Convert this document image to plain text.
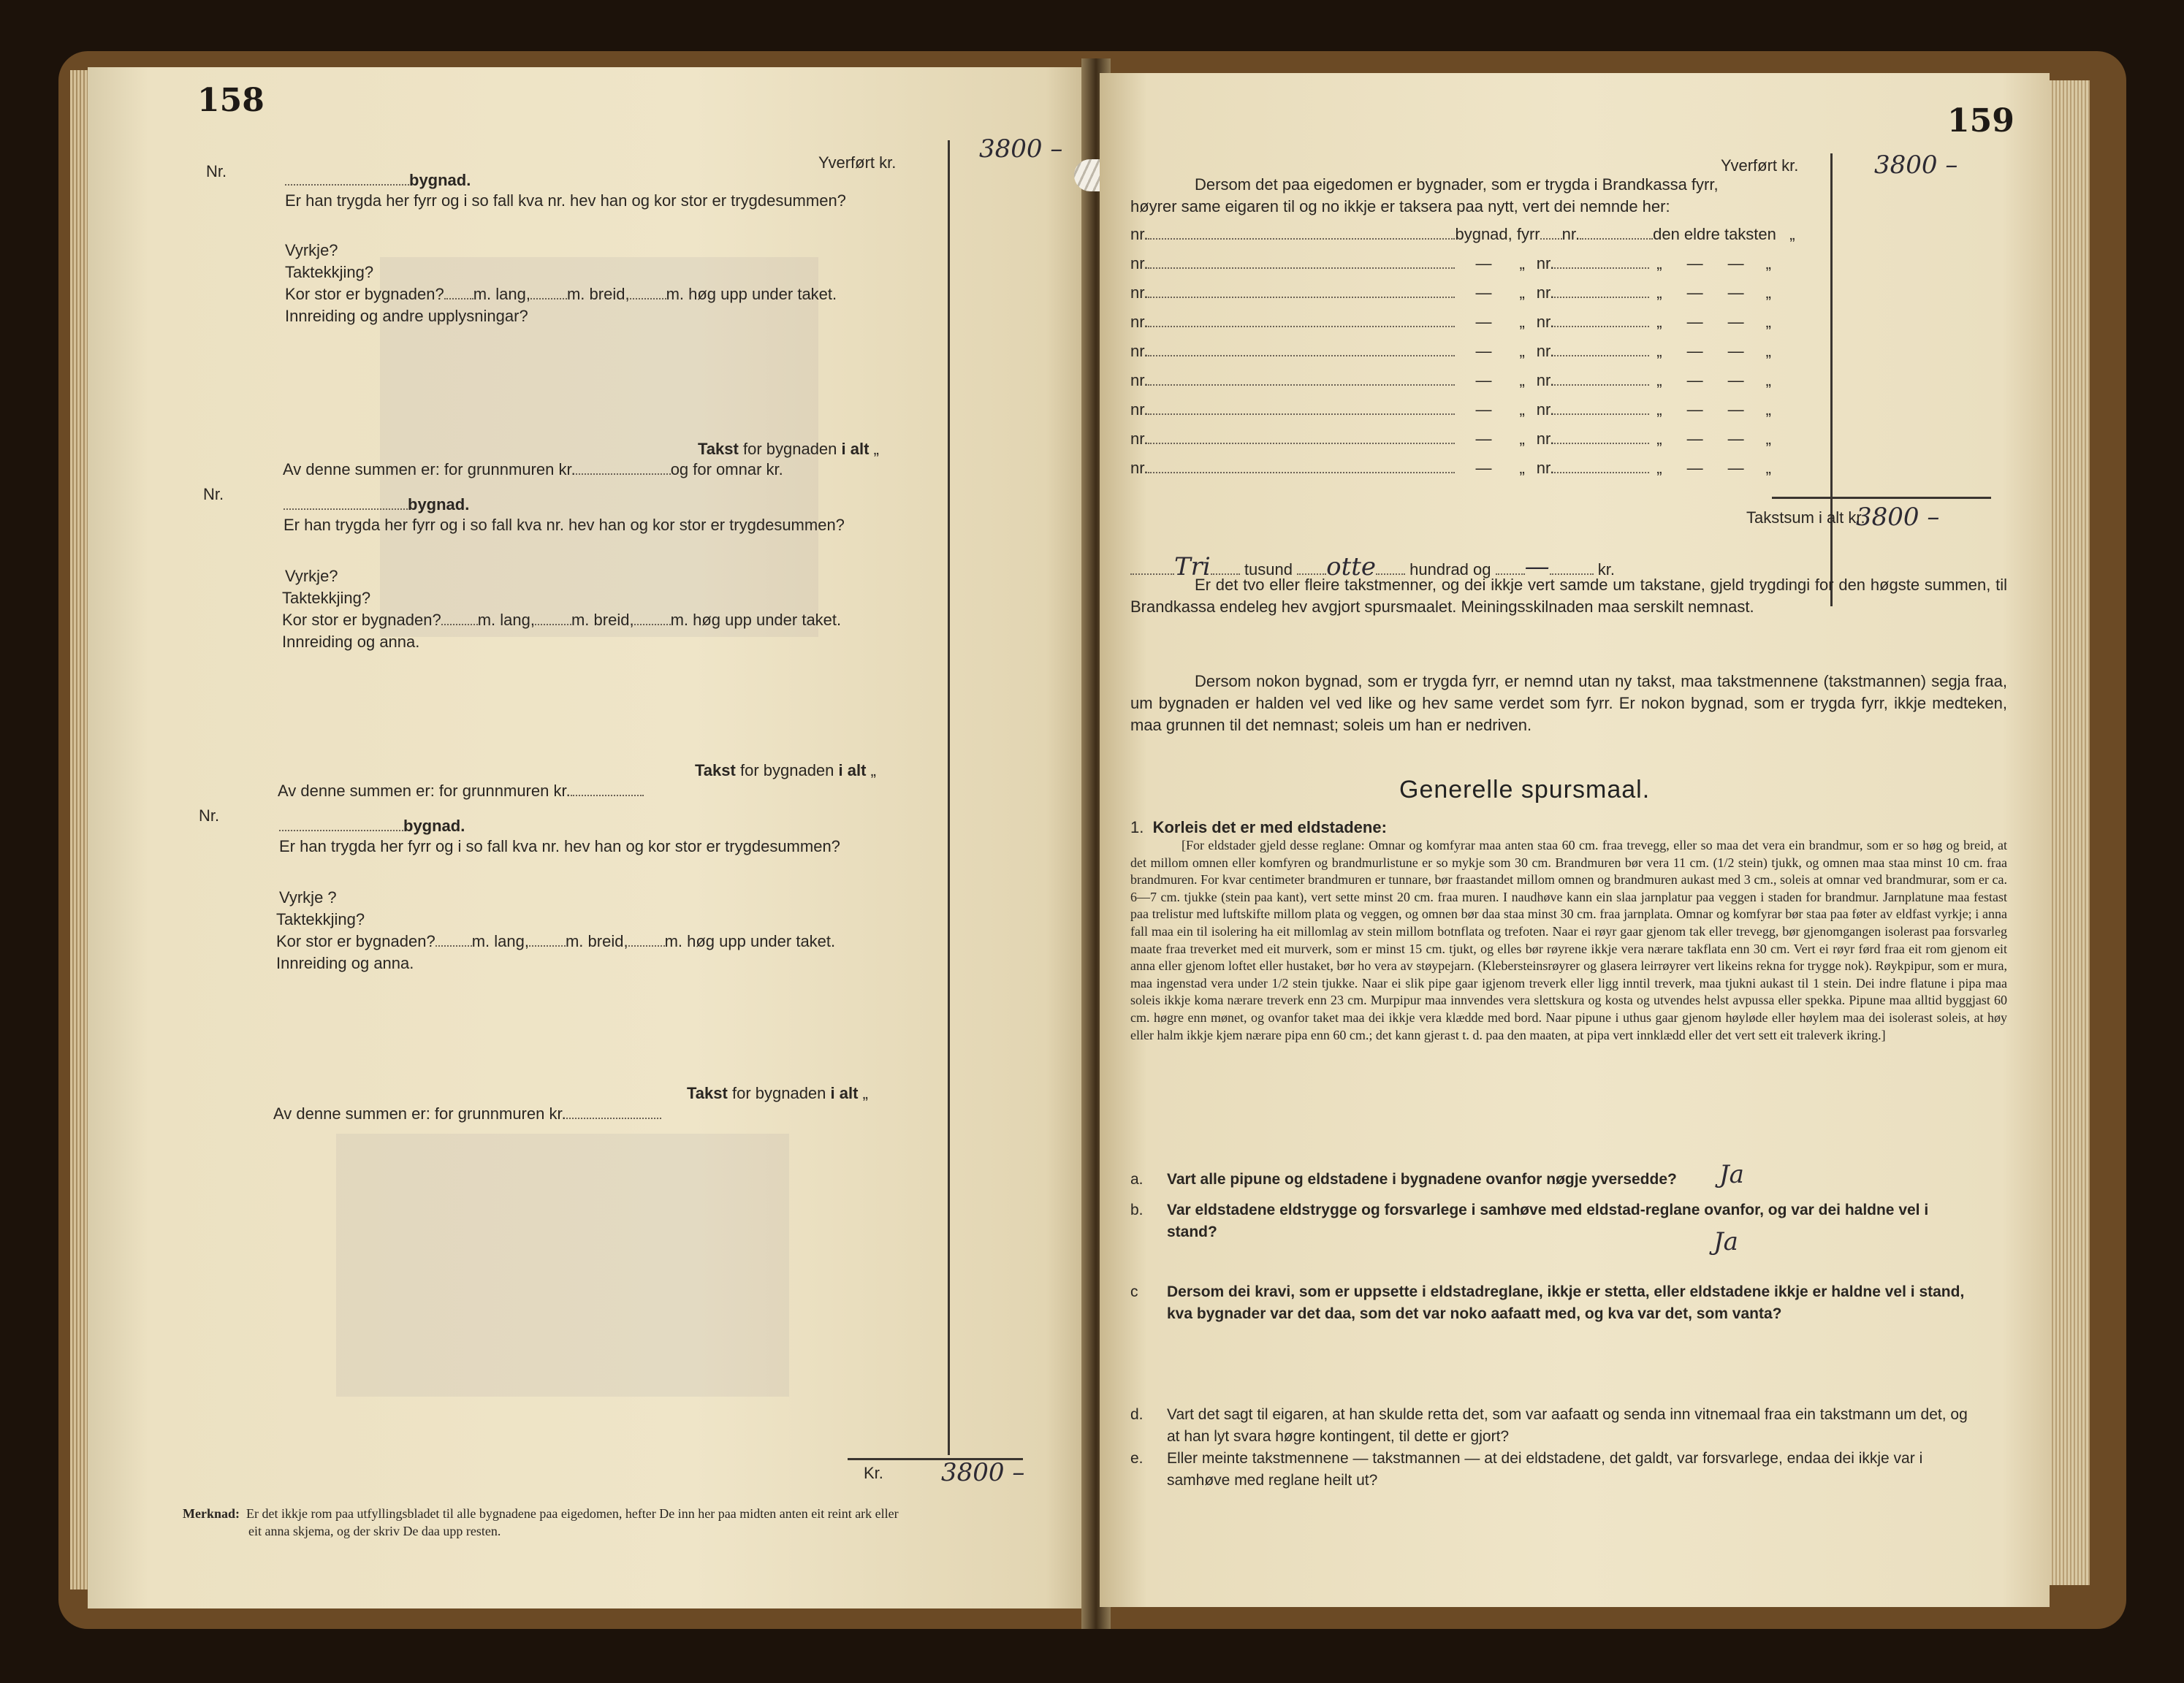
158
Yverført kr.	3800 –
Nr.	bygnad.
Er han trygda her fyrr og i so fall kva nr. hev han og kor stor er trygdesummen?
Vyrkje?
Taktekkjing?
Kor stor er bygnaden? m. lang, m. breid, m. høg upp under taket.
Innreiding og andre upplysningar?
Takst for bygnaden i alt „
Av denne summen er: for grunnmuren kr.	og for omnar kr.
Nr.
bygnad.
Er han trygda her fyrr og i so fall kva nr. hev han og kor stor er trygdesummen?
Vyrkje?
Taktekkjing?
Kor stor er bygnaden? m. lang, m. breid, m. høg upp under taket.
Innreiding og anna.
Takst for bygnaden i alt „
Av denne summen er: for grunnmuren kr.
Nr.
bygnad.
Er han trygda her fyrr og i so fall kva nr. hev han og kor stor er trygdesummen?
Vyrkje ?
Taktekkjing?
Kor stor er bygnaden? m. lang, m. breid, m. høg upp under taket.
Innreiding og anna.
Takst for bygnaden i alt „
Av denne summen er: for grunnmuren kr.
Kr. 3800 –
Merknad: Er det ikkje rom paa utfyllingsbladet til alle bygnadene paa eigedomen, hefter De inn her paa midten anten eit reint ark eller
eit anna skjema, og der skriv De daa upp resten.
159
Yverført kr.	3800 –
Dersom det paa eigedomen er bygnader, som er trygda i Brandkassa fyrr,
høyrer same eigaren til og no ikkje er taksera paa nytt, vert dei nemnde her:
nr.	bygnad, fyrr nr.	den eldre taksten „
nr.	— „ nr.	„ — — „
nr.	— „ nr.	„ — — „
nr.	— „ nr.	„ — — „
nr.	— „ nr.	„ — — „
nr.	— „ nr.	„ — — „
nr.	— „ nr.	„ — — „
nr.	— „ nr.	„ — — „
nr.	— „ nr.	„ — — „
Takstsum i alt kr.
3800 –
Tri tusund otte hundrad og —	kr.
Er det tvo eller fleire takstmenner, og dei ikkje vert samde um takstane, gjeld trygdingi for den høgste summen, til Brandkassa endeleg hev avgjort spursmaalet. Meiningsskilnaden maa serskilt nemnast.
Dersom nokon bygnad, som er trygda fyrr, er nemnd utan ny takst, maa takstmennene (takstmannen) segja fraa, um bygnaden er halden vel ved like og hev same verdet som fyrr. Er nokon bygnad, som er trygda fyrr, ikkje medteken, maa grunnen til det nemnast; soleis um han er nedriven.
Generelle spursmaal.
1. Korleis det er med eldstadene:
[For eldstader gjeld desse reglane: Omnar og komfyrar maa anten staa 60 cm. fraa trevegg, eller so maa det vera ein brandmur, som er so høg og breid, at det millom omnen eller komfyren og brandmurlistune er so mykje som 30 cm. Brandmuren bør vera 11 cm. (1/2 stein) tjukk, og omnen maa staa minst 10 cm. fraa brandmuren. For kvar centimeter brandmuren er tunnare, bør fraastandet millom omnen og brandmuren aukast med 3 cm., soleis at omnar ved brandmurar, som er ca. 6—7 cm. tjukke (stein paa kant), vert sette minst 20 cm. fraa muren. I naudhøve kann ein slaa jarnplatur paa veggen i staden for brandmur. Jarnplatune maa festast paa trelistur med luftskifte millom plata og veggen, og omnen bør daa staa minst 30 cm. fraa jarnplata. Omnar og komfyrar bør staa paa føter av eldfast vyrkje; i anna fall maa ein til isolering ha eit millomlag av stein millom botnflata og trefoten. Naar ei røyr gaar gjenom tak eller trevegg, bør gjenomgangen isolerast paa forsvarleg maate fraa treverket med eit murverk, som er minst 15 cm. tjukt, og elles bør røyrene ikkje vera nærare takflata enn 30 cm. Vert ei røyr førd fraa eit rom gjenom eit anna eller gjenom loftet eller hustaket, bør ho vera av støypejarn. (Klebersteinsrøyrer og glasera leirrøyrer vert likeins rekna for trygge nok). Røykpipur, som er mura, maa ingenstad vera under 1/2 stein tjukke. Naar ei slik pipe gaar igjenom treverk eller ligg inntil treverk, maa tjukni aukast til 1 stein. Dei indre flatune i pipa maa soleis ikkje koma nærare treverk enn 23 cm. Murpipur maa innvendes vera slettskura og kosta og utvendes helst avpussa eller spekka. Pipune maa alltid byggjast 60 cm. høgre enn mønet, og ovanfor taket maa dei ikkje vera klædde med bord. Naar pipune i uthus gaar gjenom høyløde eller høylem maa dei isolerast soleis, at høy eller halm ikkje kjem nærare pipa enn 60 cm.; det kann gjerast t. d. paa den maaten, at pipa vert innklædd eller det vert sett eit traleverk ikring.]
a. Vart alle pipune og eldstadene i bygnadene ovanfor nøgje yversedde? Ja
b. Var eldstadene eldstrygge og forsvarlege i samhøve med eldstad-reglane ovanfor, og var dei haldne vel i stand?	Ja
c Dersom dei kravi, som er uppsette i eldstadreglane, ikkje er stetta, eller eldstadene ikkje er haldne vel i stand, kva bygnader var det daa, som det var noko aafaatt med, og kva var det, som vanta?
d. Vart det sagt til eigaren, at han skulde retta det, som var aafaatt og senda inn vitnemaal fraa ein takstmann um det, og at han lyt svara høgre kontingent, til dette er gjort?
e. Eller meinte takstmennene — takstmannen — at dei eldstadene, det galdt, var forsvarlege, endaa dei ikkje var i samhøve med reglane heilt ut?
